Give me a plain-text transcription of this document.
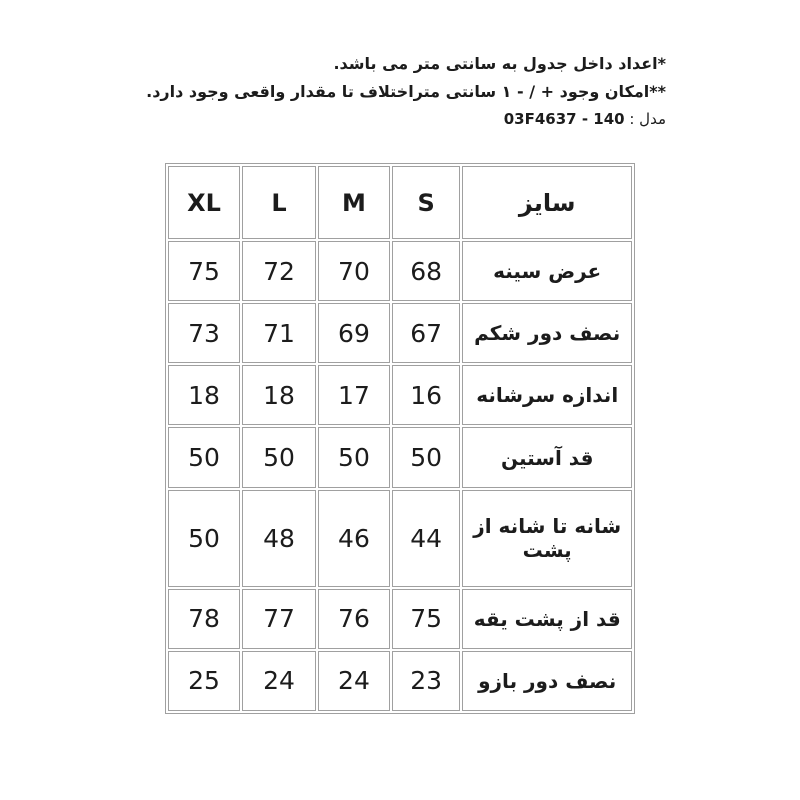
*اعداد داخل جدول به سانتی متر می باشد.
**امکان وجود + / - ۱ سانتی متراختلاف تا مقدار واقعی وجود دارد.
مدل : 140 - 03F4637
سایز	S	M	L	XL
عرض سینه	68	70	72	75
نصف دور شکم	67	69	71	73
اندازه سرشانه	16	17	18	18
قد آستین	50	50	50	50
شانه تا شانه از پشت	44	46	48	50
قد از پشت یقه	75	76	77	78
نصف دور بازو	23	24	24	25
